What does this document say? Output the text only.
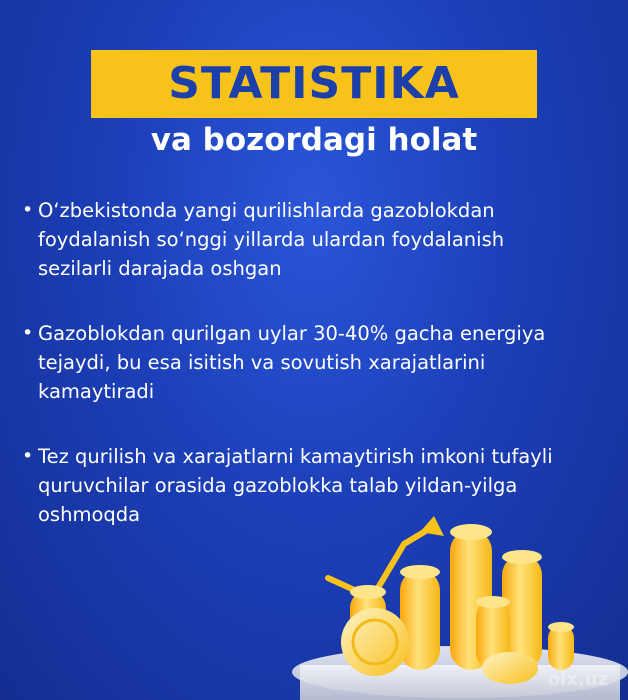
STATISTIKA
va bozordagi holat
• O‘zbekistonda yangi qurilishlarda gazoblokdan foydalanish so‘nggi yillarda ulardan foydalanish sezilarli darajada oshgan
• Gazoblokdan qurilgan uylar 30-40% gacha energiya tejaydi, bu esa isitish va sovutish xarajatlarini kamaytiradi
• Tez qurilish va xarajatlarni kamaytirish imkoni tufayli quruvchilar orasida gazoblokka talab yildan-yilga oshmoqda
olx.uz
